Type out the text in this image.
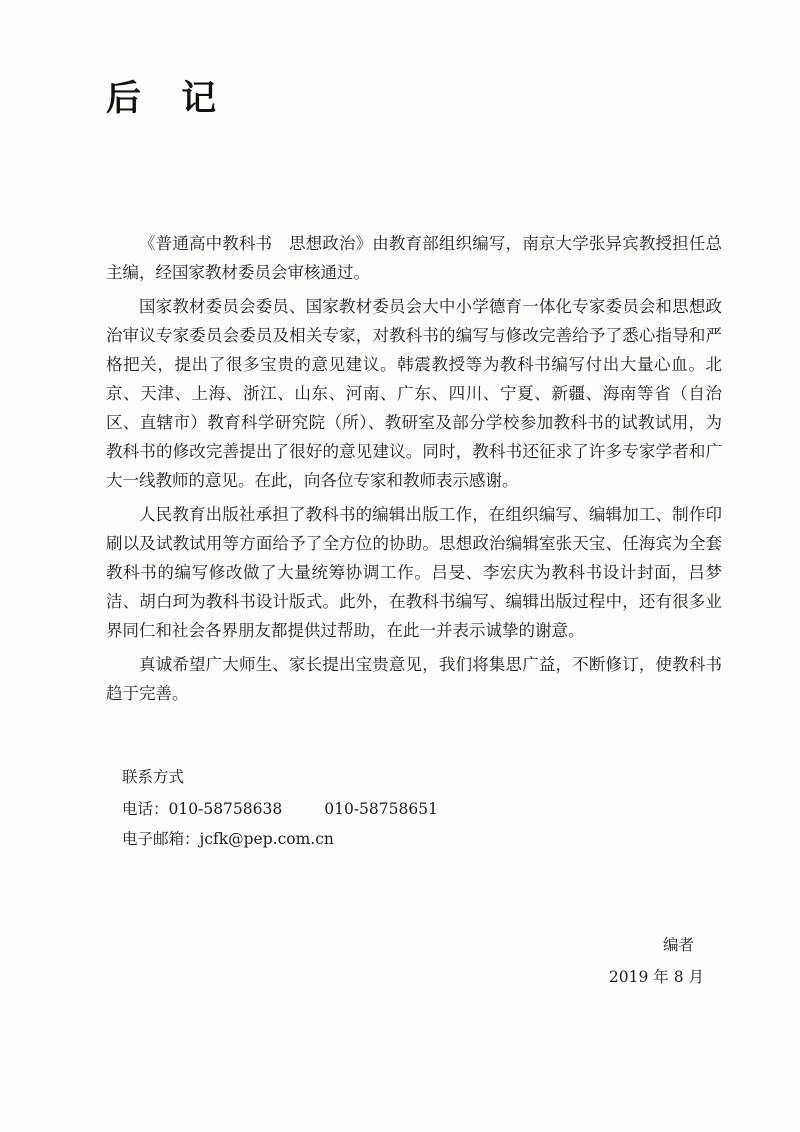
后 记

《普通高中教科书　思想政治》由教育部组织编写，南京大学张异宾教授担任总主编，经国家教材委员会审核通过。

国家教材委员会委员、国家教材委员会大中小学德育一体化专家委员会和思想政治审议专家委员会委员及相关专家，对教科书的编写与修改完善给予了悉心指导和严格把关，提出了很多宝贵的意见建议。韩震教授等为教科书编写付出大量心血。北京、天津、上海、浙江、山东、河南、广东、四川、宁夏、新疆、海南等省（自治区、直辖市）教育科学研究院（所）、教研室及部分学校参加教科书的试教试用，为教科书的修改完善提出了很好的意见建议。同时，教科书还征求了许多专家学者和广大一线教师的意见。在此，向各位专家和教师表示感谢。

人民教育出版社承担了教科书的编辑出版工作，在组织编写、编辑加工、制作印刷以及试教试用等方面给予了全方位的协助。思想政治编辑室张天宝、任海宾为全套教科书的编写修改做了大量统筹协调工作。吕旻、李宏庆为教科书设计封面，吕梦洁、胡白珂为教科书设计版式。此外，在教科书编写、编辑出版过程中，还有很多业界同仁和社会各界朋友都提供过帮助，在此一并表示诚挚的谢意。

真诚希望广大师生、家长提出宝贵意见，我们将集思广益，不断修订，使教科书趋于完善。

联系方式
电话： 010-58758638	010-58758651
电子邮箱： jcfk@pep.com.cn
编者
2019 年 8 月
